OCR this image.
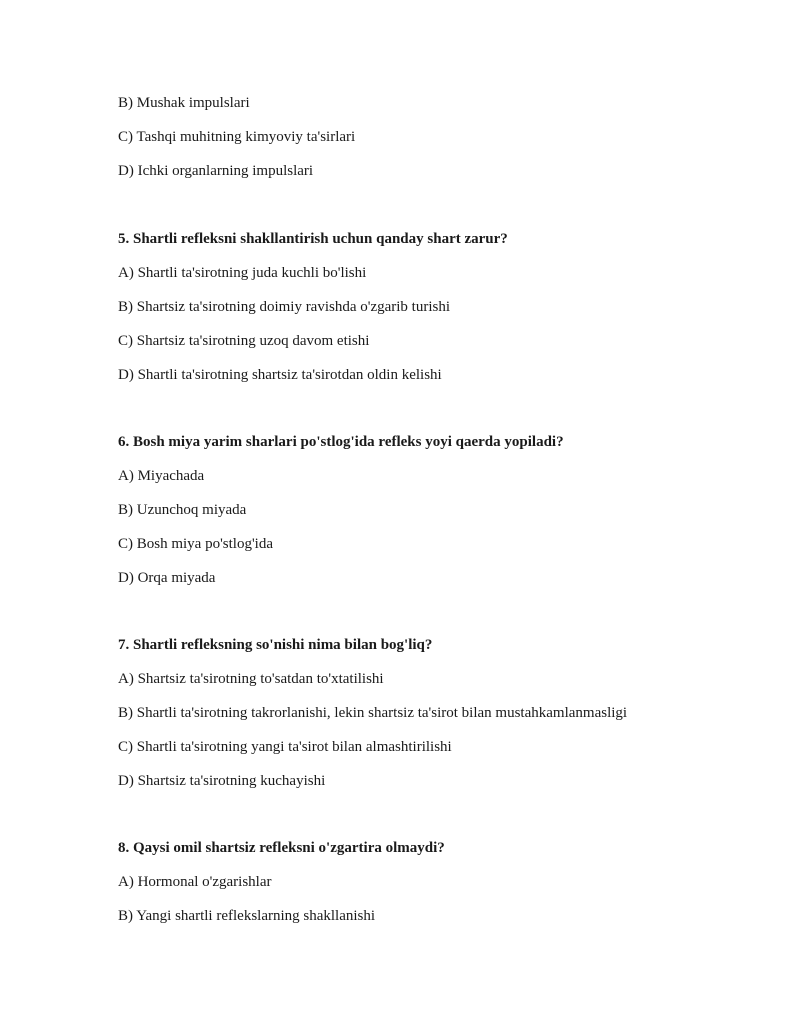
B) Mushak impulslari
C) Tashqi muhitning kimyoviy ta'sirlari
D) Ichki organlarning impulslari
5. Shartli refleksni shakllantirish uchun qanday shart zarur?
A) Shartli ta'sirotning juda kuchli bo'lishi
B) Shartsiz ta'sirotning doimiy ravishda o'zgarib turishi
C) Shartsiz ta'sirotning uzoq davom etishi
D) Shartli ta'sirotning shartsiz ta'sirotdan oldin kelishi
6. Bosh miya yarim sharlari po'stlog'ida refleks yoyi qaerda yopiladi?
A) Miyachada
B) Uzunchoq miyada
C) Bosh miya po'stlog'ida
D) Orqa miyada
7. Shartli refleksning so'nishi nima bilan bog'liq?
A) Shartsiz ta'sirotning to'satdan to'xtatilishi
B) Shartli ta'sirotning takrorlanishi, lekin shartsiz ta'sirot bilan mustahkamlanmasligi
C) Shartli ta'sirotning yangi ta'sirot bilan almashtirilishi
D) Shartsiz ta'sirotning kuchayishi
8. Qaysi omil shartsiz refleksni o'zgartira olmaydi?
A) Hormonal o'zgarishlar
B) Yangi shartli reflekslarning shakllanishi
